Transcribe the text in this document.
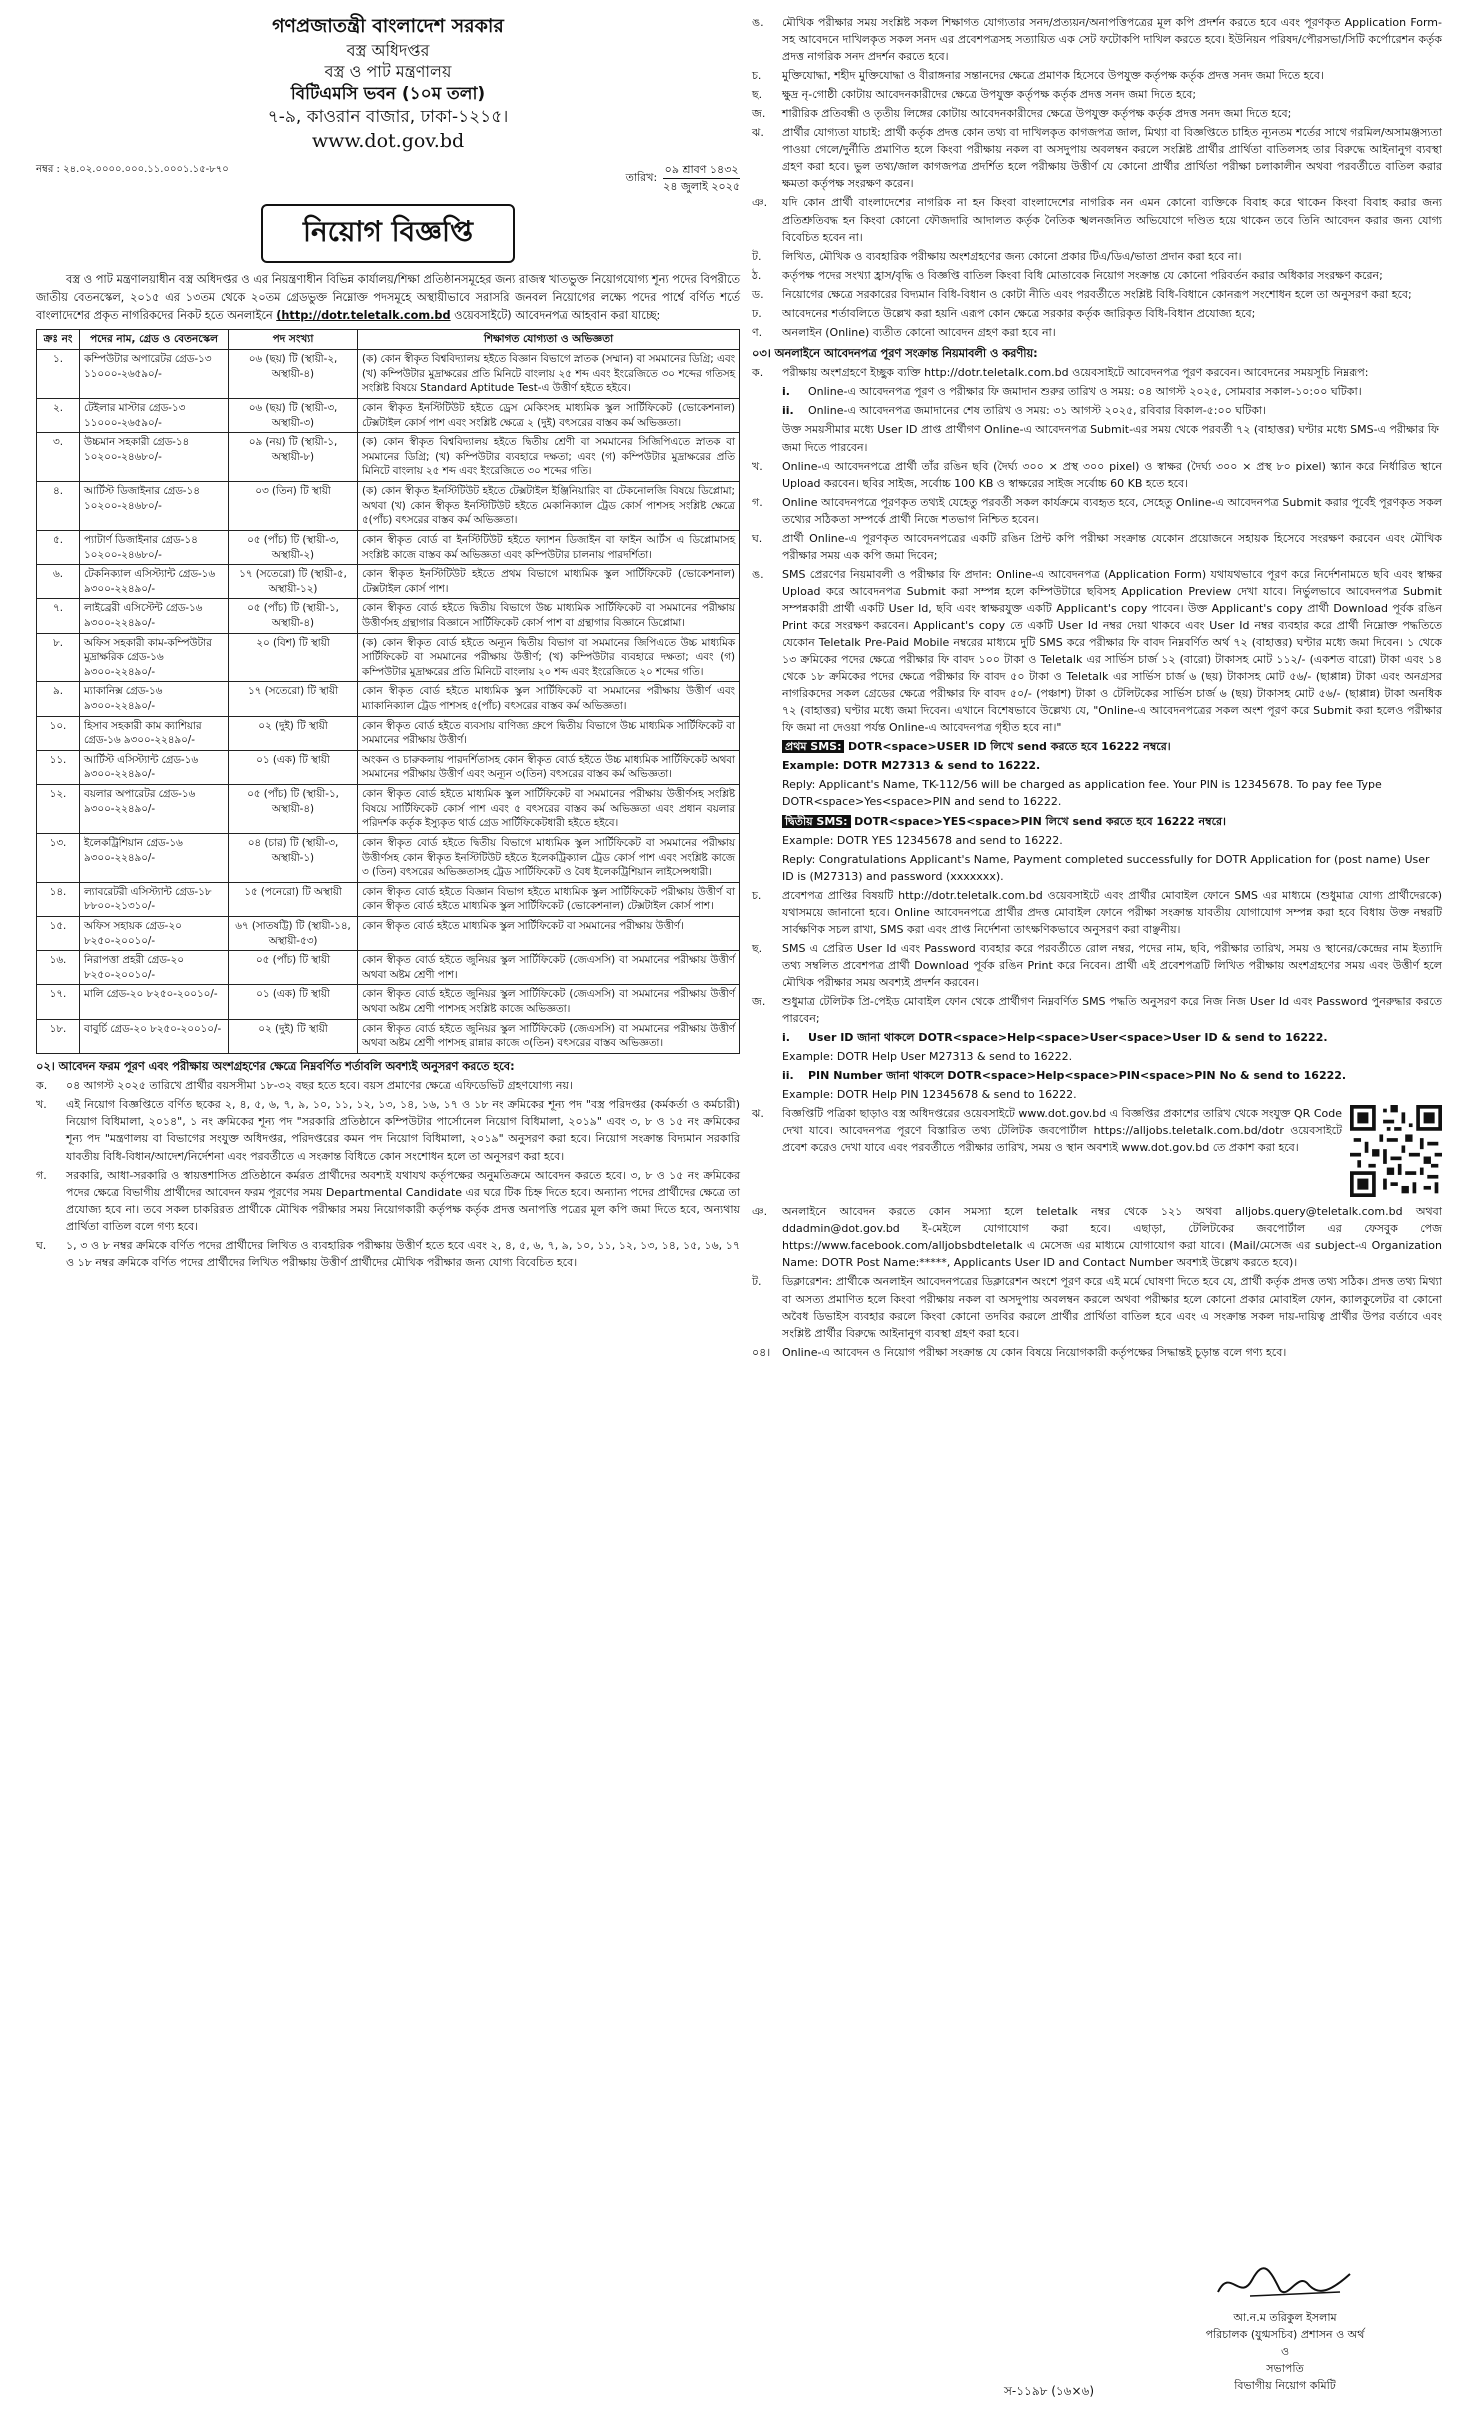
গণপ্রজাতন্ত্রী বাংলাদেশ সরকার
বস্ত্র অধিদপ্তর
বস্ত্র ও পাট মন্ত্রণালয়
বিটিএমসি ভবন (১০ম তলা)
৭-৯, কাওরান বাজার, ঢাকা-১২১৫।
www.dot.gov.bd
নম্বর : ২৪.০২.০০০০.০০০.১১.০০০১.১৫-৮৭০
তারিখ:
০৯ শ্রাবণ ১৪৩২
২৪ জুলাই ২০২৫
নিয়োগ বিজ্ঞপ্তি
বস্ত্র ও পাট মন্ত্রণালয়াধীন বস্ত্র অধিদপ্তর ও এর নিয়ন্ত্রণাধীন বিভিন্ন কার্যালয়/শিক্ষা প্রতিষ্ঠানসমূহের জন্য রাজস্ব খাতভুক্ত নিয়োগযোগ্য শূন্য পদের বিপরীতে জাতীয় বেতনস্কেল, ২০১৫ এর ১৩তম থেকে ২০তম গ্রেডভুক্ত নিম্নোক্ত পদসমূহে অস্থায়ীভাবে সরাসরি জনবল নিয়োগের লক্ষ্যে পদের পার্শ্বে বর্ণিত শর্তে বাংলাদেশের প্রকৃত নাগরিকদের নিকট হতে অনলাইনে (http://dotr.teletalk.com.bd ওয়েবসাইটে) আবেদনপত্র আহবান করা যাচ্ছে:
ক্রঃ নং	পদের নাম, গ্রেড ও বেতনস্কেল	পদ সংখ্যা	শিক্ষাগত যোগ্যতা ও অভিজ্ঞতা
১.	কম্পিউটার অপারেটর গ্রেড-১৩ ১১০০০-২৬৫৯০/-	০৬ (ছয়) টি (স্থায়ী-২, অস্থায়ী-৪)	(ক) কোন স্বীকৃত বিশ্ববিদ্যালয় হইতে বিজ্ঞান বিভাগে স্নাতক (সম্মান) বা সমমানের ডিগ্রি; এবং (খ) কম্পিউটার মুদ্রাক্ষরের প্রতি মিনিটে বাংলায় ২৫ শব্দ এবং ইংরেজিতে ৩০ শব্দের গতিসহ সংশ্লিষ্ট বিষয়ে Standard Aptitude Test-এ উত্তীর্ণ হইতে হইবে।
২.	টেইলার মাস্টার গ্রেড-১৩ ১১০০০-২৬৫৯০/-	০৬ (ছয়) টি (স্থায়ী-৩, অস্থায়ী-৩)	কোন স্বীকৃত ইনস্টিটিউট হইতে ড্রেস মেকিংসহ মাধ্যমিক স্কুল সার্টিফিকেট (ভোকেশনাল) টেক্সটাইল কোর্স পাশ এবং সংশ্লিষ্ট ক্ষেত্রে ২ (দুই) বৎসরের বাস্তব কর্ম অভিজ্ঞতা।
৩.	উচ্চমান সহকারী গ্রেড-১৪ ১০২০০-২৪৬৮০/-	০৯ (নয়) টি (স্থায়ী-১, অস্থায়ী-৮)	(ক) কোন স্বীকৃত বিশ্ববিদ্যালয় হইতে দ্বিতীয় শ্রেণী বা সমমানের সিজিপিএতে স্নাতক বা সমমানের ডিগ্রি; (খ) কম্পিউটার ব্যবহারে দক্ষতা; এবং (গ) কম্পিউটার মুদ্রাক্ষরের প্রতি মিনিটে বাংলায় ২৫ শব্দ এবং ইংরেজিতে ৩০ শব্দের গতি।
৪.	আর্টিস্ট ডিজাইনার গ্রেড-১৪ ১০২০০-২৪৬৮০/-	০৩ (তিন) টি স্থায়ী	(ক) কোন স্বীকৃত ইনস্টিটিউট হইতে টেক্সটাইল ইঞ্জিনিয়ারিং বা টেকনোলজি বিষয়ে ডিপ্লোমা; অথবা (খ) কোন স্বীকৃত ইনস্টিটিউট হইতে মেকানিক্যাল ট্রেড কোর্স পাশসহ সংশ্লিষ্ট ক্ষেত্রে ৫(পাঁচ) বৎসরের বাস্তব কর্ম অভিজ্ঞতা।
৫.	প্যাটার্ণ ডিজাইনার গ্রেড-১৪ ১০২০০-২৪৬৮০/-	০৫ (পাঁচ) টি (স্থায়ী-৩, অস্থায়ী-২)	কোন স্বীকৃত বোর্ড বা ইনস্টিটিউট হইতে ফ্যাশন ডিজাইন বা ফাইন আর্টস এ ডিপ্লোমাসহ সংশ্লিষ্ট কাজে বাস্তব কর্ম অভিজ্ঞতা এবং কম্পিউটার চালনায় পারদর্শিতা।
৬.	টেকনিক্যাল এসিস্ট্যান্ট গ্রেড-১৬ ৯৩০০-২২৪৯০/-	১৭ (সতেরো) টি (স্থায়ী-৫, অস্থায়ী-১২)	কোন স্বীকৃত ইনস্টিটিউট হইতে প্রথম বিভাগে মাধ্যমিক স্কুল সার্টিফিকেট (ভোকেশনাল) টেক্সটাইল কোর্স পাশ।
৭.	লাইব্রেরী এসিস্টেন্ট গ্রেড-১৬ ৯৩০০-২২৪৯০/-	০৫ (পাঁচ) টি (স্থায়ী-১, অস্থায়ী-৪)	কোন স্বীকৃত বোর্ড হইতে দ্বিতীয় বিভাগে উচ্চ মাধ্যমিক সার্টিফিকেট বা সমমানের পরীক্ষায় উত্তীর্ণসহ গ্রন্থাগার বিজ্ঞানে সার্টিফিকেট কোর্স পাশ বা গ্রন্থাগার বিজ্ঞানে ডিপ্লোমা।
৮.	অফিস সহকারী কাম-কম্পিউটার মুদ্রাক্ষরিক গ্রেড-১৬ ৯৩০০-২২৪৯০/-	২০ (বিশ) টি স্থায়ী	(ক) কোন স্বীকৃত বোর্ড হইতে অন্যূন দ্বিতীয় বিভাগ বা সমমানের জিপিএতে উচ্চ মাধ্যমিক সার্টিফিকেট বা সমমানের পরীক্ষায় উত্তীর্ণ; (খ) কম্পিউটার ব্যবহারে দক্ষতা; এবং (গ) কম্পিউটার মুদ্রাক্ষরের প্রতি মিনিটে বাংলায় ২০ শব্দ এবং ইংরেজিতে ২০ শব্দের গতি।
৯.	ম্যাকানিক্স গ্রেড-১৬ ৯৩০০-২২৪৯০/-	১৭ (সতেরো) টি স্থায়ী	কোন স্বীকৃত বোর্ড হইতে মাধ্যমিক স্কুল সার্টিফিকেট বা সমমানের পরীক্ষায় উত্তীর্ণ এবং ম্যাকানিক্যাল ট্রেড পাশসহ ৫(পাঁচ) বৎসরের বাস্তব কর্ম অভিজ্ঞতা।
১০.	হিসাব সহকারী কাম ক্যাশিয়ার গ্রেড-১৬ ৯৩০০-২২৪৯০/-	০২ (দুই) টি স্থায়ী	কোন স্বীকৃত বোর্ড হইতে ব্যবসায় বাণিজ্য গ্রুপে দ্বিতীয় বিভাগে উচ্চ মাধ্যমিক সার্টিফিকেট বা সমমানের পরীক্ষায় উত্তীর্ণ।
১১.	আর্টিস্ট এসিস্ট্যান্ট গ্রেড-১৬ ৯৩০০-২২৪৯০/-	০১ (এক) টি স্থায়ী	অংকন ও চারুকলায় পারদর্শিতাসহ কোন স্বীকৃত বোর্ড হইতে উচ্চ মাধ্যমিক সার্টিফিকেট অথবা সমমানের পরীক্ষায় উত্তীর্ণ এবং অন্যূন ৩(তিন) বৎসরের বাস্তব কর্ম অভিজ্ঞতা।
১২.	বয়লার অপারেটর গ্রেড-১৬ ৯৩০০-২২৪৯০/-	০৫ (পাঁচ) টি (স্থায়ী-১, অস্থায়ী-৪)	কোন স্বীকৃত বোর্ড হইতে মাধ্যমিক স্কুল সার্টিফিকেট বা সমমানের পরীক্ষায় উত্তীর্ণসহ সংশ্লিষ্ট বিষয়ে সার্টিফিকেট কোর্স পাশ এবং ৫ বৎসরের বাস্তব কর্ম অভিজ্ঞতা এবং প্রধান বয়লার পরিদর্শক কর্তৃক ইস্যুকৃত থার্ড গ্রেড সার্টিফিকেটধারী হইতে হইবে।
১৩.	ইলেকট্রিশিয়ান গ্রেড-১৬ ৯৩০০-২২৪৯০/-	০৪ (চার) টি (স্থায়ী-৩, অস্থায়ী-১)	কোন স্বীকৃত বোর্ড হইতে দ্বিতীয় বিভাগে মাধ্যমিক স্কুল সার্টিফিকেট বা সমমানের পরীক্ষায় উত্তীর্ণসহ কোন স্বীকৃত ইনস্টিটিউট হইতে ইলেকট্রিক্যাল ট্রেড কোর্স পাশ এবং সংশ্লিষ্ট কাজে ৩ (তিন) বৎসরের অভিজ্ঞতাসহ ট্রেড সার্টিফিকেট ও বৈধ ইলেকট্রিশিয়ান লাইসেন্সধারী।
১৪.	ল্যাবরেটরী এসিস্ট্যান্ট গ্রেড-১৮ ৮৮০০-২১৩১০/-	১৫ (পনেরো) টি অস্থায়ী	কোন স্বীকৃত বোর্ড হইতে বিজ্ঞান বিভাগ হইতে মাধ্যমিক স্কুল সার্টিফিকেট পরীক্ষায় উত্তীর্ণ বা কোন স্বীকৃত বোর্ড হইতে মাধ্যমিক স্কুল সার্টিফিকেট (ভোকেশনাল) টেক্সটাইল কোর্স পাশ।
১৫.	অফিস সহায়ক গ্রেড-২০ ৮২৫০-২০০১০/-	৬৭ (সাতষট্টি) টি (স্থায়ী-১৪, অস্থায়ী-৫৩)	কোন স্বীকৃত বোর্ড হইতে মাধ্যমিক স্কুল সার্টিফিকেট বা সমমানের পরীক্ষায় উত্তীর্ণ।
১৬.	নিরাপত্তা প্রহরী গ্রেড-২০ ৮২৫০-২০০১০/-	০৫ (পাঁচ) টি স্থায়ী	কোন স্বীকৃত বোর্ড হইতে জুনিয়র স্কুল সার্টিফিকেট (জেএসসি) বা সমমানের পরীক্ষায় উত্তীর্ণ অথবা অষ্টম শ্রেণী পাশ।
১৭.	মালি গ্রেড-২০ ৮২৫০-২০০১০/-	০১ (এক) টি স্থায়ী	কোন স্বীকৃত বোর্ড হইতে জুনিয়র স্কুল সার্টিফিকেট (জেএসসি) বা সমমানের পরীক্ষায় উত্তীর্ণ অথবা অষ্টম শ্রেণী পাশসহ সংশ্লিষ্ট কাজে অভিজ্ঞতা।
১৮.	বাবুর্চি গ্রেড-২০ ৮২৫০-২০০১০/-	০২ (দুই) টি স্থায়ী	কোন স্বীকৃত বোর্ড হইতে জুনিয়র স্কুল সার্টিফিকেট (জেএসসি) বা সমমানের পরীক্ষায় উত্তীর্ণ অথবা অষ্টম শ্রেণী পাশসহ রান্নার কাজে ৩(তিন) বৎসরের বাস্তব অভিজ্ঞতা।
০২। আবেদন ফরম পূরণ এবং পরীক্ষায় অংশগ্রহণের ক্ষেত্রে নিম্নবর্ণিত শর্তাবলি অবশ্যই অনুসরণ করতে হবে:
ক.	০৪ আগস্ট ২০২৫ তারিখে প্রার্থীর বয়সসীমা ১৮-৩২ বছর হতে হবে। বয়স প্রমাণের ক্ষেত্রে এফিডেভিট গ্রহণযোগ্য নয়।
খ.	এই নিয়োগ বিজ্ঞপ্তিতে বর্ণিত ছকের ২, ৪, ৫, ৬, ৭, ৯, ১০, ১১, ১২, ১৩, ১৪, ১৬, ১৭ ও ১৮ নং ক্রমিকের শূন্য পদ "বস্ত্র পরিদপ্তর (কর্মকর্তা ও কর্মচারী) নিয়োগ বিধিমালা, ২০১৪", ১ নং ক্রমিকের শূন্য পদ "সরকারি প্রতিষ্ঠানে কম্পিউটার পার্সোনেল নিয়োগ বিধিমালা, ২০১৯" এবং ৩, ৮ ও ১৫ নং ক্রমিকের শূন্য পদ "মন্ত্রণালয় বা বিভাগের সংযুক্ত অধিদপ্তর, পরিদপ্তরের কমন পদ নিয়োগ বিধিমালা, ২০১৯" অনুসরণ করা হবে। নিয়োগ সংক্রান্ত বিদ্যমান সরকারি যাবতীয় বিধি-বিধান/আদেশ/নির্দেশনা এবং পরবর্তীতে এ সংক্রান্ত বিধিতে কোন সংশোধন হলে তা অনুসরণ করা হবে।
গ.	সরকারি, আধা-সরকারি ও স্বায়ত্তশাসিত প্রতিষ্ঠানে কর্মরত প্রার্থীদের অবশ্যই যথাযথ কর্তৃপক্ষের অনুমতিক্রমে আবেদন করতে হবে। ৩, ৮ ও ১৫ নং ক্রমিকের পদের ক্ষেত্রে বিভাগীয় প্রার্থীদের আবেদন ফরম পূরণের সময় Departmental Candidate এর ঘরে টিক চিহ্ন দিতে হবে। অন্যান্য পদের প্রার্থীদের ক্ষেত্রে তা প্রযোজ্য হবে না। তবে সকল চাকরিরত প্রার্থীকে মৌখিক পরীক্ষার সময় নিয়োগকারী কর্তৃপক্ষ কর্তৃক প্রদত্ত অনাপত্তি পত্রের মূল কপি জমা দিতে হবে, অন্যথায় প্রার্থিতা বাতিল বলে গণ্য হবে।
ঘ.	১, ৩ ও ৮ নম্বর ক্রমিকে বর্ণিত পদের প্রার্থীদের লিখিত ও ব্যবহারিক পরীক্ষায় উত্তীর্ণ হতে হবে এবং ২, ৪, ৫, ৬, ৭, ৯, ১০, ১১, ১২, ১৩, ১৪, ১৫, ১৬, ১৭ ও ১৮ নম্বর ক্রমিকে বর্ণিত পদের প্রার্থীদের লিখিত পরীক্ষায় উত্তীর্ণ প্রার্থীদের মৌখিক পরীক্ষার জন্য যোগ্য বিবেচিত হবে।
ঙ.	মৌখিক পরীক্ষার সময় সংশ্লিষ্ট সকল শিক্ষাগত যোগ্যতার সনদ/প্রত্যয়ন/অনাপত্তিপত্রের মূল কপি প্রদর্শন করতে হবে এবং পূরণকৃত Application Form-সহ আবেদনে দাখিলকৃত সকল সনদ এর প্রবেশপত্রসহ সত্যায়িত এক সেট ফটোকপি দাখিল করতে হবে। ইউনিয়ন পরিষদ/পৌরসভা/সিটি কর্পোরেশন কর্তৃক প্রদত্ত নাগরিক সনদ প্রদর্শন করতে হবে।
চ.	মুক্তিযোদ্ধা, শহীদ মুক্তিযোদ্ধা ও বীরাঙ্গনার সন্তানদের ক্ষেত্রে প্রমাণক হিসেবে উপযুক্ত কর্তৃপক্ষ কর্তৃক প্রদত্ত সনদ জমা দিতে হবে।
ছ.	ক্ষুদ্র নৃ-গোষ্ঠী কোটায় আবেদনকারীদের ক্ষেত্রে উপযুক্ত কর্তৃপক্ষ কর্তৃক প্রদত্ত সনদ জমা দিতে হবে;
জ.	শারীরিক প্রতিবন্ধী ও তৃতীয় লিঙ্গের কোটায় আবেদনকারীদের ক্ষেত্রে উপযুক্ত কর্তৃপক্ষ কর্তৃক প্রদত্ত সনদ জমা দিতে হবে;
ঝ.	প্রার্থীর যোগ্যতা যাচাই: প্রার্থী কর্তৃক প্রদত্ত কোন তথ্য বা দাখিলকৃত কাগজপত্র জাল, মিথ্যা বা বিজ্ঞপ্তিতে চাহিত ন্যূনতম শর্তের সাথে গরমিল/অসামঞ্জস্যতা পাওয়া গেলে/দুর্নীতি প্রমাণিত হলে কিংবা পরীক্ষায় নকল বা অসদুপায় অবলম্বন করলে সংশ্লিষ্ট প্রার্থীর প্রার্থিতা বাতিলসহ তার বিরুদ্ধে আইনানুগ ব্যবস্থা গ্রহণ করা হবে। ভুল তথ্য/জাল কাগজপত্র প্রদর্শিত হলে পরীক্ষায় উত্তীর্ণ যে কোনো প্রার্থীর প্রার্থিতা পরীক্ষা চলাকালীন অথবা পরবর্তীতে বাতিল করার ক্ষমতা কর্তৃপক্ষ সংরক্ষণ করেন।
ঞ.	যদি কোন প্রার্থী বাংলাদেশের নাগরিক না হন কিংবা বাংলাদেশের নাগরিক নন এমন কোনো ব্যক্তিকে বিবাহ করে থাকেন কিংবা বিবাহ করার জন্য প্রতিশ্রুতিবদ্ধ হন কিংবা কোনো ফৌজদারি আদালত কর্তৃক নৈতিক স্খলনজনিত অভিযোগে দণ্ডিত হয়ে থাকেন তবে তিনি আবেদন করার জন্য যোগ্য বিবেচিত হবেন না।
ট.	লিখিত, মৌখিক ও ব্যবহারিক পরীক্ষায় অংশগ্রহণের জন্য কোনো প্রকার টিএ/ডিএ/ভাতা প্রদান করা হবে না।
ঠ.	কর্তৃপক্ষ পদের সংখ্যা হ্রাস/বৃদ্ধি ও বিজ্ঞপ্তি বাতিল কিংবা বিধি মোতাবেক নিয়োগ সংক্রান্ত যে কোনো পরিবর্তন করার অধিকার সংরক্ষণ করেন;
ড.	নিয়োগের ক্ষেত্রে সরকারের বিদ্যমান বিধি-বিধান ও কোটা নীতি এবং পরবর্তীতে সংশ্লিষ্ট বিধি-বিধানে কোনরূপ সংশোধন হলে তা অনুসরণ করা হবে;
ঢ.	আবেদনের শর্তাবলিতে উল্লেখ করা হয়নি এরূপ কোন ক্ষেত্রে সরকার কর্তৃক জারিকৃত বিধি-বিধান প্রযোজ্য হবে;
ণ.	অনলাইন (Online) ব্যতীত কোনো আবেদন গ্রহণ করা হবে না।
০৩। অনলাইনে আবেদনপত্র পূরণ সংক্রান্ত নিয়মাবলী ও করণীয়:
ক.	পরীক্ষায় অংশগ্রহণে ইচ্ছুক ব্যক্তি http://dotr.teletalk.com.bd ওয়েবসাইটে আবেদনপত্র পূরণ করবেন। আবেদনের সময়সূচি নিম্নরূপ:
i.	Online-এ আবেদনপত্র পূরণ ও পরীক্ষার ফি জমাদান শুরুর তারিখ ও সময়: ০৪ আগস্ট ২০২৫, সোমবার সকাল-১০:০০ ঘটিকা।
ii.	Online-এ আবেদনপত্র জমাদানের শেষ তারিখ ও সময়: ৩১ আগস্ট ২০২৫, রবিবার বিকাল-৫:০০ ঘটিকা।
উক্ত সময়সীমার মধ্যে User ID প্রাপ্ত প্রার্থীগণ Online-এ আবেদনপত্র Submit-এর সময় থেকে পরবর্তী ৭২ (বাহাত্তর) ঘণ্টার মধ্যে SMS-এ পরীক্ষার ফি জমা দিতে পারবেন।
খ.	Online-এ আবেদনপত্রে প্রার্থী তাঁর রঙিন ছবি (দৈর্ঘ্য ৩০০ × প্রস্থ ৩০০ pixel) ও স্বাক্ষর (দৈর্ঘ্য ৩০০ × প্রস্থ ৮০ pixel) স্ক্যান করে নির্ধারিত স্থানে Upload করবেন। ছবির সাইজ, সর্বোচ্চ 100 KB ও স্বাক্ষরের সাইজ সর্বোচ্চ 60 KB হতে হবে।
গ.	Online আবেদনপত্রে পূরণকৃত তথ্যই যেহেতু পরবর্তী সকল কার্যক্রমে ব্যবহৃত হবে, সেহেতু Online-এ আবেদনপত্র Submit করার পূর্বেই পূরণকৃত সকল তথ্যের সঠিকতা সম্পর্কে প্রার্থী নিজে শতভাগ নিশ্চিত হবেন।
ঘ.	প্রার্থী Online-এ পূরণকৃত আবেদনপত্রের একটি রঙিন প্রিন্ট কপি পরীক্ষা সংক্রান্ত যেকোন প্রয়োজনে সহায়ক হিসেবে সংরক্ষণ করবেন এবং মৌখিক পরীক্ষার সময় এক কপি জমা দিবেন;
ঙ.	SMS প্রেরণের নিয়মাবলী ও পরীক্ষার ফি প্রদান: Online-এ আবেদনপত্র (Application Form) যথাযথভাবে পূরণ করে নির্দেশনামতে ছবি এবং স্বাক্ষর Upload করে আবেদনপত্র Submit করা সম্পন্ন হলে কম্পিউটারে ছবিসহ Application Preview দেখা যাবে। নির্ভুলভাবে আবেদনপত্র Submit সম্পন্নকারী প্রার্থী একটি User Id, ছবি এবং স্বাক্ষরযুক্ত একটি Applicant's copy পাবেন। উক্ত Applicant's copy প্রার্থী Download পূর্বক রঙিন Print করে সংরক্ষণ করবেন। Applicant's copy তে একটি User Id নম্বর দেয়া থাকবে এবং User Id নম্বর ব্যবহার করে প্রার্থী নিম্নোক্ত পদ্ধতিতে যেকোন Teletalk Pre-Paid Mobile নম্বরের মাধ্যমে দুটি SMS করে পরীক্ষার ফি বাবদ নিম্নবর্ণিত অর্থ ৭২ (বাহাত্তর) ঘণ্টার মধ্যে জমা দিবেন। ১ থেকে ১৩ ক্রমিকের পদের ক্ষেত্রে পরীক্ষার ফি বাবদ ১০০ টাকা ও Teletalk এর সার্ভিস চার্জ ১২ (বারো) টাকাসহ মোট ১১২/- (একশত বারো) টাকা এবং ১৪ থেকে ১৮ ক্রমিকের পদের ক্ষেত্রে পরীক্ষার ফি বাবদ ৫০ টাকা ও Teletalk এর সার্ভিস চার্জ ৬ (ছয়) টাকাসহ মোট ৫৬/- (ছাপ্পান্ন) টাকা এবং অনগ্রসর নাগরিকদের সকল গ্রেডের ক্ষেত্রে পরীক্ষার ফি বাবদ ৫০/- (পঞ্চাশ) টাকা ও টেলিটকের সার্ভিস চার্জ ৬ (ছয়) টাকাসহ মোট ৫৬/- (ছাপ্পান্ন) টাকা অনধিক ৭২ (বাহাত্তর) ঘণ্টার মধ্যে জমা দিবেন। এখানে বিশেষভাবে উল্লেখ্য যে, "Online-এ আবেদনপত্রের সকল অংশ পূরণ করে Submit করা হলেও পরীক্ষার ফি জমা না দেওয়া পর্যন্ত Online-এ আবেদনপত্র গৃহীত হবে না।"
প্রথম SMS: DOTR<space>USER ID লিখে send করতে হবে 16222 নম্বরে।
Example: DOTR M27313 & send to 16222.
Reply: Applicant's Name, TK-112/56 will be charged as application fee. Your PIN is 12345678. To pay fee Type DOTR<space>Yes<space>PIN and send to 16222.
দ্বিতীয় SMS: DOTR<space>YES<space>PIN লিখে send করতে হবে 16222 নম্বরে।
Example: DOTR YES 12345678 and send to 16222.
Reply: Congratulations Applicant's Name, Payment completed successfully for DOTR Application for (post name) User ID is (M27313) and password (xxxxxxx).
চ.	প্রবেশপত্র প্রাপ্তির বিষয়টি http://dotr.teletalk.com.bd ওয়েবসাইটে এবং প্রার্থীর মোবাইল ফোনে SMS এর মাধ্যমে (শুধুমাত্র যোগ্য প্রার্থীদেরকে) যথাসময়ে জানানো হবে। Online আবেদনপত্রে প্রার্থীর প্রদত্ত মোবাইল ফোনে পরীক্ষা সংক্রান্ত যাবতীয় যোগাযোগ সম্পন্ন করা হবে বিধায় উক্ত নম্বরটি সার্বক্ষণিক সচল রাখা, SMS করা এবং প্রাপ্ত নির্দেশনা তাৎক্ষণিকভাবে অনুসরণ করা বাঞ্ছনীয়।
ছ.	SMS এ প্রেরিত User Id এবং Password ব্যবহার করে পরবর্তীতে রোল নম্বর, পদের নাম, ছবি, পরীক্ষার তারিখ, সময় ও স্থানের/কেন্দ্রের নাম ইত্যাদি তথ্য সম্বলিত প্রবেশপত্র প্রার্থী Download পূর্বক রঙিন Print করে নিবেন। প্রার্থী এই প্রবেশপত্রটি লিখিত পরীক্ষায় অংশগ্রহণের সময় এবং উত্তীর্ণ হলে মৌখিক পরীক্ষার সময় অবশ্যই প্রদর্শন করবেন।
জ.	শুধুমাত্র টেলিটক প্রি-পেইড মোবাইল ফোন থেকে প্রার্থীগণ নিম্নবর্ণিত SMS পদ্ধতি অনুসরণ করে নিজ নিজ User Id এবং Password পুনরুদ্ধার করতে পারবেন;
i.	User ID জানা থাকলে DOTR<space>Help<space>User<space>User ID & send to 16222.
Example: DOTR Help User M27313 & send to 16222.
ii.	PIN Number জানা থাকলে DOTR<space>Help<space>PIN<space>PIN No & send to 16222.
Example: DOTR Help PIN 12345678 & send to 16222.
ঝ.	বিজ্ঞপ্তিটি পত্রিকা ছাড়াও বস্ত্র অধিদপ্তরের ওয়েবসাইটে www.dot.gov.bd এ বিজ্ঞপ্তির প্রকাশের তারিখ থেকে সংযুক্ত QR Code দেখা যাবে। আবেদনপত্র পূরণে বিস্তারিত তথ্য টেলিটক জবপোর্টাল https://alljobs.teletalk.com.bd/dotr ওয়েবসাইটে প্রবেশ করেও দেখা যাবে এবং পরবর্তীতে পরীক্ষার তারিখ, সময় ও স্থান অবশ্যই www.dot.gov.bd তে প্রকাশ করা হবে।
ঞ.	অনলাইনে আবেদন করতে কোন সমস্যা হলে teletalk নম্বর থেকে ১২১ অথবা alljobs.query@teletalk.com.bd অথবা ddadmin@dot.gov.bd ই-মেইলে যোগাযোগ করা হবে। এছাড়া, টেলিটকের জবপোর্টাল এর ফেসবুক পেজ https://www.facebook.com/alljobsbdteletalk এ মেসেজ এর মাধ্যমে যোগাযোগ করা যাবে। (Mail/মেসেজ এর subject-এ Organization Name: DOTR Post Name:*****, Applicants User ID and Contact Number অবশ্যই উল্লেখ করতে হবে)।
ট.	ডিক্লারেশন: প্রার্থীকে অনলাইন আবেদনপত্রের ডিক্লারেশন অংশে পূরণ করে এই মর্মে ঘোষণা দিতে হবে যে, প্রার্থী কর্তৃক প্রদত্ত তথ্য সঠিক। প্রদত্ত তথ্য মিথ্যা বা অসত্য প্রমাণিত হলে কিংবা পরীক্ষায় নকল বা অসদুপায় অবলম্বন করলে অথবা পরীক্ষার হলে কোনো প্রকার মোবাইল ফোন, ক্যালকুলেটর বা কোনো অবৈধ ডিভাইস ব্যবহার করলে কিংবা কোনো তদবির করলে প্রার্থীর প্রার্থিতা বাতিল হবে এবং এ সংক্রান্ত সকল দায়-দায়িত্ব প্রার্থীর উপর বর্তাবে এবং সংশ্লিষ্ট প্রার্থীর বিরুদ্ধে আইনানুগ ব্যবস্থা গ্রহণ করা হবে।
০৪।	Online-এ আবেদন ও নিয়োগ পরীক্ষা সংক্রান্ত যে কোন বিষয়ে নিয়োগকারী কর্তৃপক্ষের সিদ্ধান্তই চূড়ান্ত বলে গণ্য হবে।
আ.ন.ম তরিকুল ইসলাম
পরিচালক (যুগ্মসচিব) প্রশাসন ও অর্থ
ও
সভাপতি
বিভাগীয় নিয়োগ কমিটি
স-১১৯৮ (১৬×৬)
